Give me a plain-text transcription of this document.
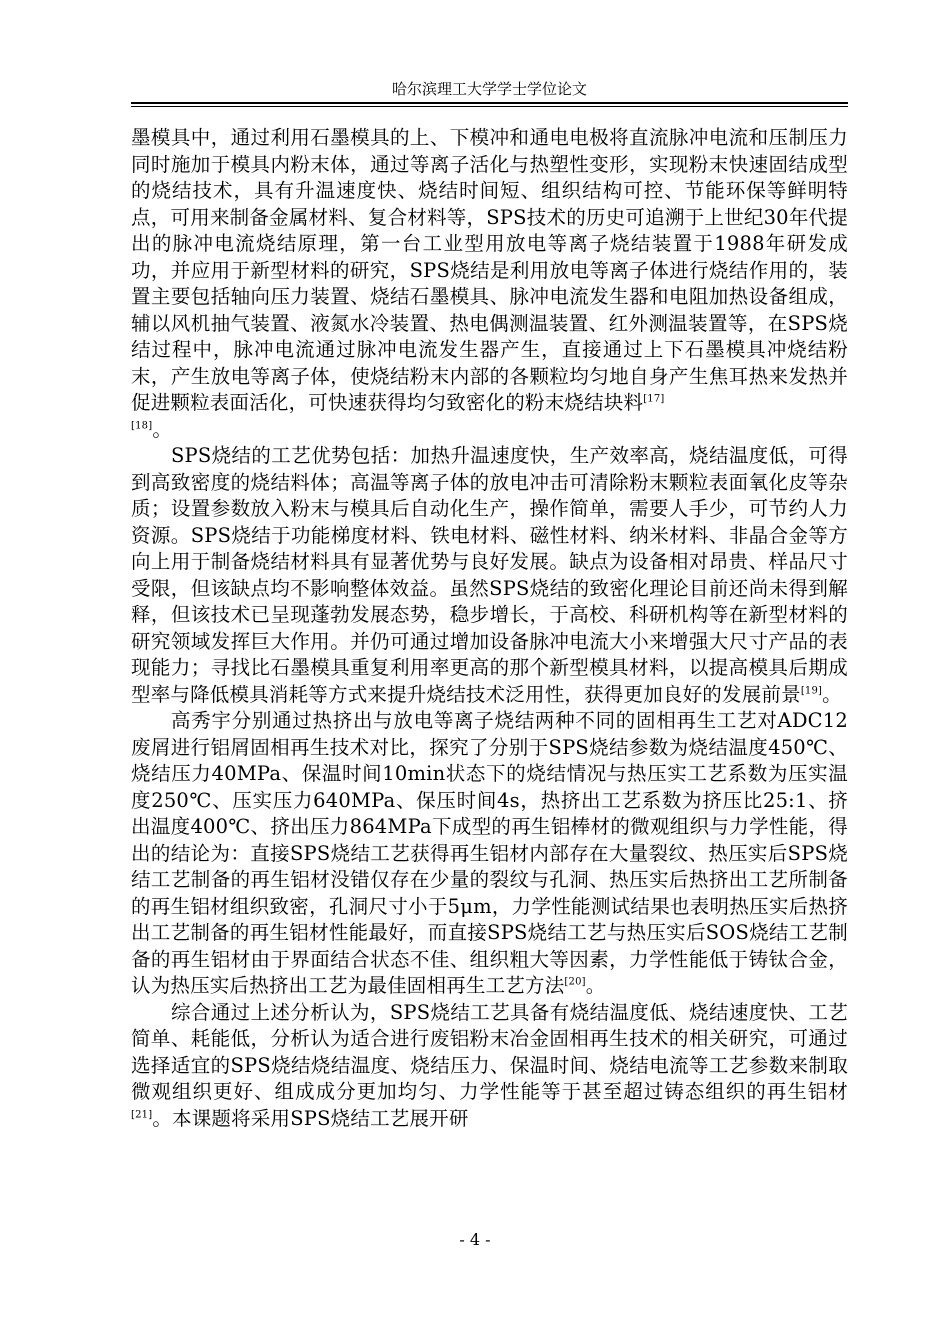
哈尔滨理工大学学士学位论文

墨模具中，通过利用石墨模具的上、下模冲和通电电极将直流脉冲电流和压制压力同时施加于模具内粉末体，通过等离子活化与热塑性变形，实现粉末快速固结成型的烧结技术，具有升温速度快、烧结时间短、组织结构可控、节能环保等鲜明特点，可用来制备金属材料、复合材料等，SPS技术的历史可追溯于上世纪30年代提出的脉冲电流烧结原理，第一台工业型用放电等离子烧结装置于1988年研发成功，并应用于新型材料的研究，SPS烧结是利用放电等离子体进行烧结作用的，装置主要包括轴向压力装置、烧结石墨模具、脉冲电流发生器和电阻加热设备组成，辅以风机抽气装置、液氮水冷装置、热电偶测温装置、红外测温装置等，在SPS烧结过程中，脉冲电流通过脉冲电流发生器产生，直接通过上下石墨模具冲烧结粉末，产生放电等离子体，使烧结粉末内部的各颗粒均匀地自身产生焦耳热来发热并促进颗粒表面活化，可快速获得均匀致密化的粉末烧结块料[17]
[18]。

SPS烧结的工艺优势包括：加热升温速度快，生产效率高，烧结温度低，可得到高致密度的烧结料体；高温等离子体的放电冲击可清除粉末颗粒表面氧化皮等杂质；设置参数放入粉末与模具后自动化生产，操作简单，需要人手少，可节约人力资源。SPS烧结于功能梯度材料、铁电材料、磁性材料、纳米材料、非晶合金等方向上用于制备烧结材料具有显著优势与良好发展。缺点为设备相对昂贵、样品尺寸受限，但该缺点均不影响整体效益。虽然SPS烧结的致密化理论目前还尚未得到解释，但该技术已呈现蓬勃发展态势，稳步增长，于高校、科研机构等在新型材料的研究领域发挥巨大作用。并仍可通过增加设备脉冲电流大小来增强大尺寸产品的表现能力；寻找比石墨模具重复利用率更高的那个新型模具材料，以提高模具后期成型率与降低模具消耗等方式来提升烧结技术泛用性，获得更加良好的发展前景[19]。

高秀宇分别通过热挤出与放电等离子烧结两种不同的固相再生工艺对ADC12废屑进行铝屑固相再生技术对比，探究了分别于SPS烧结参数为烧结温度450℃、烧结压力40MPa、保温时间10min状态下的烧结情况与热压实工艺系数为压实温度250℃、压实压力640MPa、保压时间4s，热挤出工艺系数为挤压比25:1、挤出温度400℃、挤出压力864MPa下成型的再生铝棒材的微观组织与力学性能，得出的结论为：直接SPS烧结工艺获得再生铝材内部存在大量裂纹、热压实后SPS烧结工艺制备的再生铝材没错仅存在少量的裂纹与孔洞、热压实后热挤出工艺所制备的再生铝材组织致密，孔洞尺寸小于5μm，力学性能测试结果也表明热压实后热挤出工艺制备的再生铝材性能最好，而直接SPS烧结工艺与热压实后SOS烧结工艺制备的再生铝材由于界面结合状态不佳、组织粗大等因素，力学性能低于铸钛合金，认为热压实后热挤出工艺为最佳固相再生工艺方法[20]。

综合通过上述分析认为，SPS烧结工艺具备有烧结温度低、烧结速度快、工艺简单、耗能低，分析认为适合进行废铝粉末冶金固相再生技术的相关研究，可通过选择适宜的SPS烧结烧结温度、烧结压力、保温时间、烧结电流等工艺参数来制取微观组织更好、组成成分更加均匀、力学性能等于甚至超过铸态组织的再生铝材[21]。本课题将采用SPS烧结工艺展开研

- 4 -
